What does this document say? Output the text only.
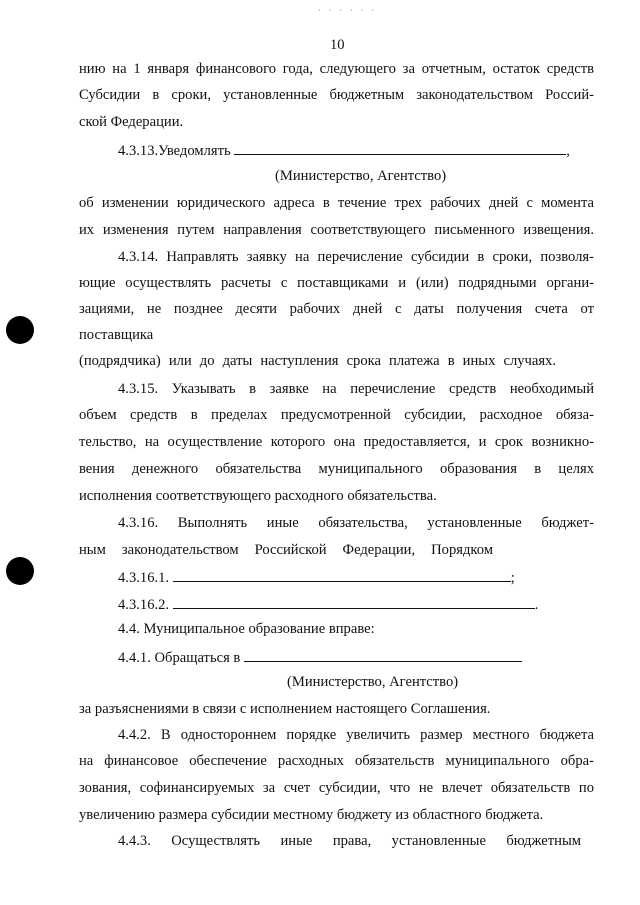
· · · · · ·
10
нию на 1 января финансового года, следующего за отчетным, остаток средств
Субсидии в сроки, установленные бюджетным законодательством Россий-
ской Федерации.
4.3.13.Уведомлять	,
(Министерство, Агентство)
об изменении юридического адреса в течение трех рабочих дней с момента
их изменения путем направления соответствующего письменного извещения.
4.3.14. Направлять заявку на перечисление субсидии в сроки, позволя-
ющие осуществлять расчеты с поставщиками и (или) подрядными органи-
зациями, не позднее десяти рабочих дней с даты получения счета от
поставщика
(подрядчика) или до даты наступления срока платежа в иных случаях.
4.3.15. Указывать в заявке на перечисление средств необходимый
объем средств в пределах предусмотренной субсидии, расходное обяза-
тельство, на осуществление которого она предоставляется, и срок возникно-
вения денежного обязательства муниципального образования в целях
исполнения соответствующего расходного обязательства.
4.3.16. Выполнять иные обязательства, установленные бюджет-
ным законодательством Российской Федерации, Порядком
4.3.16.1.	;
4.3.16.2.	.
4.4. Муниципальное образование вправе:
4.4.1. Обращаться в
(Министерство, Агентство)
за разъяснениями в связи с исполнением настоящего Соглашения.
4.4.2. В одностороннем порядке увеличить размер местного бюджета
на финансовое обеспечение расходных обязательств муниципального обра-
зования, софинансируемых за счет субсидии, что не влечет обязательств по
увеличению размера субсидии местному бюджету из областного бюджета.
4.4.3. Осуществлять иные права, установленные бюджетным
